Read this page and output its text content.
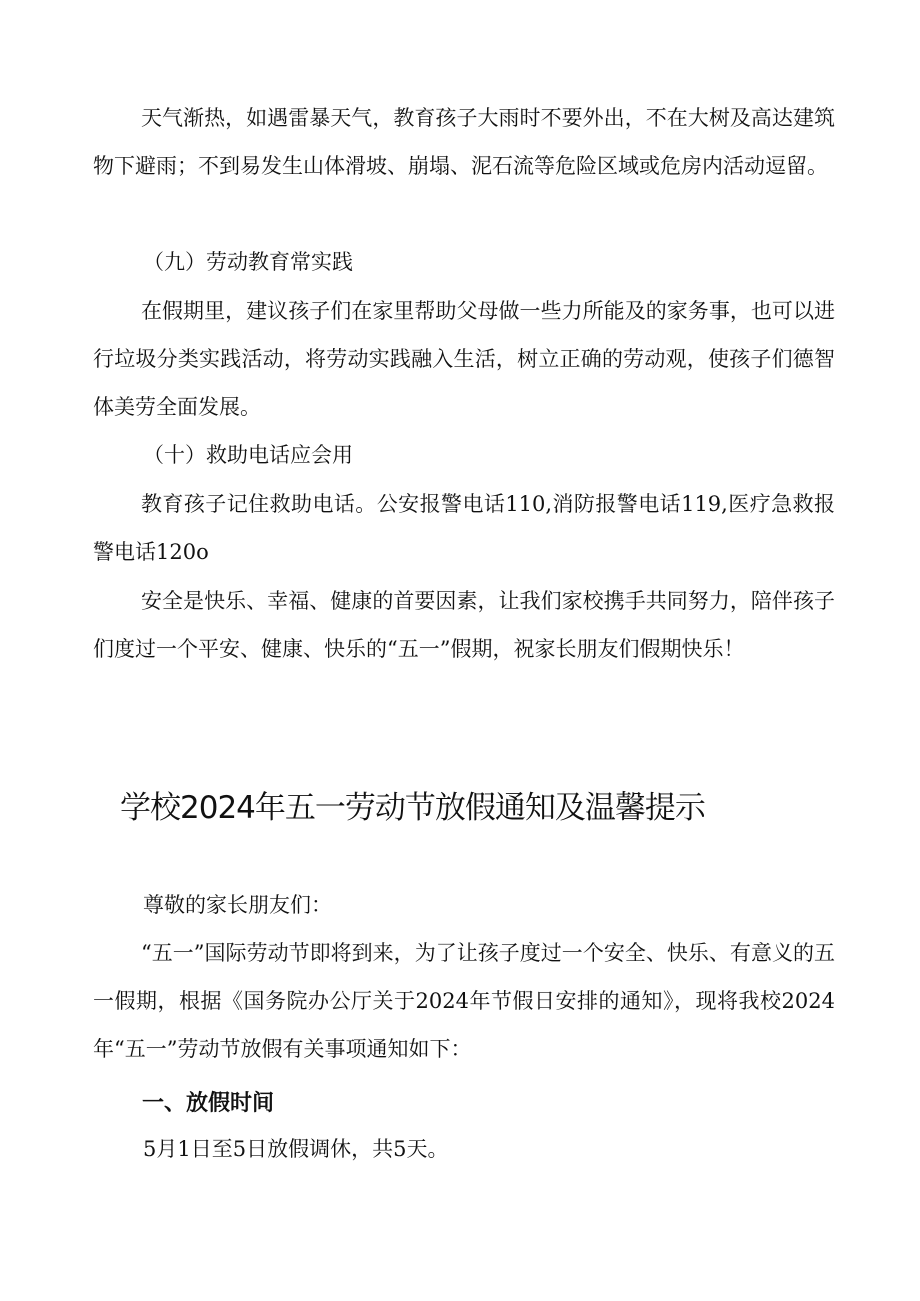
天气渐热，如遇雷暴天气，教育孩子大雨时不要外出，不在大树及高达建筑物下避雨；不到易发生山体滑坡、崩塌、泥石流等危险区域或危房内活动逗留。

（九）劳动教育常实践

在假期里，建议孩子们在家里帮助父母做一些力所能及的家务事，也可以进行垃圾分类实践活动，将劳动实践融入生活，树立正确的劳动观，使孩子们德智体美劳全面发展。

（十）救助电话应会用

教育孩子记住救助电话。公安报警电话110,消防报警电话119,医疗急救报警电话120o

安全是快乐、幸福、健康的首要因素，让我们家校携手共同努力，陪伴孩子们度过一个平安、健康、快乐的“五一”假期，祝家长朋友们假期快乐！

学校2024年五一劳动节放假通知及温馨提示

尊敬的家长朋友们：

“五一”国际劳动节即将到来，为了让孩子度过一个安全、快乐、有意义的五一假期，根据《国务院办公厅关于2024年节假日安排的通知》，现将我校2024年“五一”劳动节放假有关事项通知如下：

一、放假时间

5月1日至5日放假调休，共5天。
